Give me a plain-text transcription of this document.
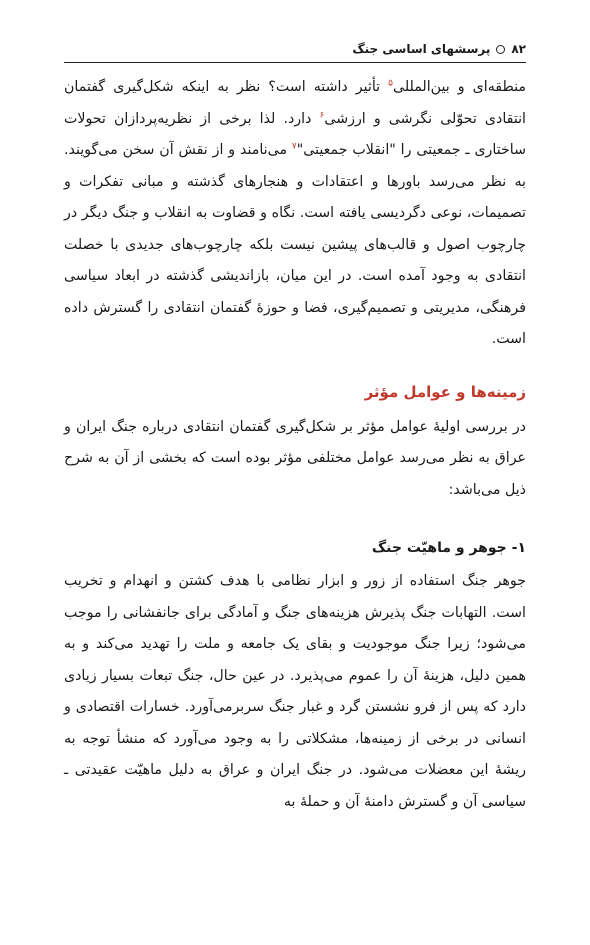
۸۲
پرسشهای اساسی جنگ

منطقه‌ای و بین‌المللی$^۵$ تأثیر داشته است؟ نظر به اینکه شکل‌گیری گفتمان انتقادی تحوّلی نگرشی و ارزشی$^۶$ دارد. لذا برخی از نظریه‌پردازان تحولات ساختاری ـ جمعیتی را "انقلاب جمعیتی"$^۷$ می‌نامند و از نقش آن سخن می‌گویند. به نظر می‌رسد باورها و اعتقادات و هنجارهای گذشته و مبانی تفکرات و تصمیمات، نوعی دگردیسی یافته است. نگاه و قضاوت به انقلاب و جنگ دیگر در چارچوب اصول و قالب‌های پیشین نیست بلکه چارچوب‌های جدیدی با خصلت انتقادی به وجود آمده است. در این میان، بازاندیشی گذشته در ابعاد سیاسی فرهنگی، مدیریتی و تصمیم‌گیری، فضا و حوزهٔ گفتمان انتقادی را گسترش داده است.

زمینه‌ها و عوامل مؤثر

در بررسی اولیهٔ عوامل مؤثر بر شکل‌گیری گفتمان انتقادی درباره جنگ ایران و عراق به نظر می‌رسد عوامل مختلفی مؤثر بوده است که بخشی از آن به شرح ذیل می‌باشد:

۱- جوهر و ماهیّت جنگ

جوهر جنگ استفاده از زور و ابزار نظامی با هدف کشتن و انهدام و تخریب است. التهابات جنگ پذیرش هزینه‌های جنگ و آمادگی برای جانفشانی را موجب می‌شود؛ زیرا جنگ موجودیت و بقای یک جامعه و ملت را تهدید می‌کند و به همین دلیل، هزینهٔ آن را عموم می‌پذیرد. در عین حال، جنگ تبعات بسیار زیادی دارد که پس از فرو نشستن گرد و غبار جنگ سربرمی‌آورد. خسارات اقتصادی و انسانی در برخی از زمینه‌ها، مشکلاتی را به وجود می‌آورد که منشأ توجه به ریشهٔ این معضلات می‌شود. در جنگ ایران و عراق به دلیل ماهیّت عقیدتی ـ سیاسی آن و گسترش دامنهٔ آن و حملهٔ به
